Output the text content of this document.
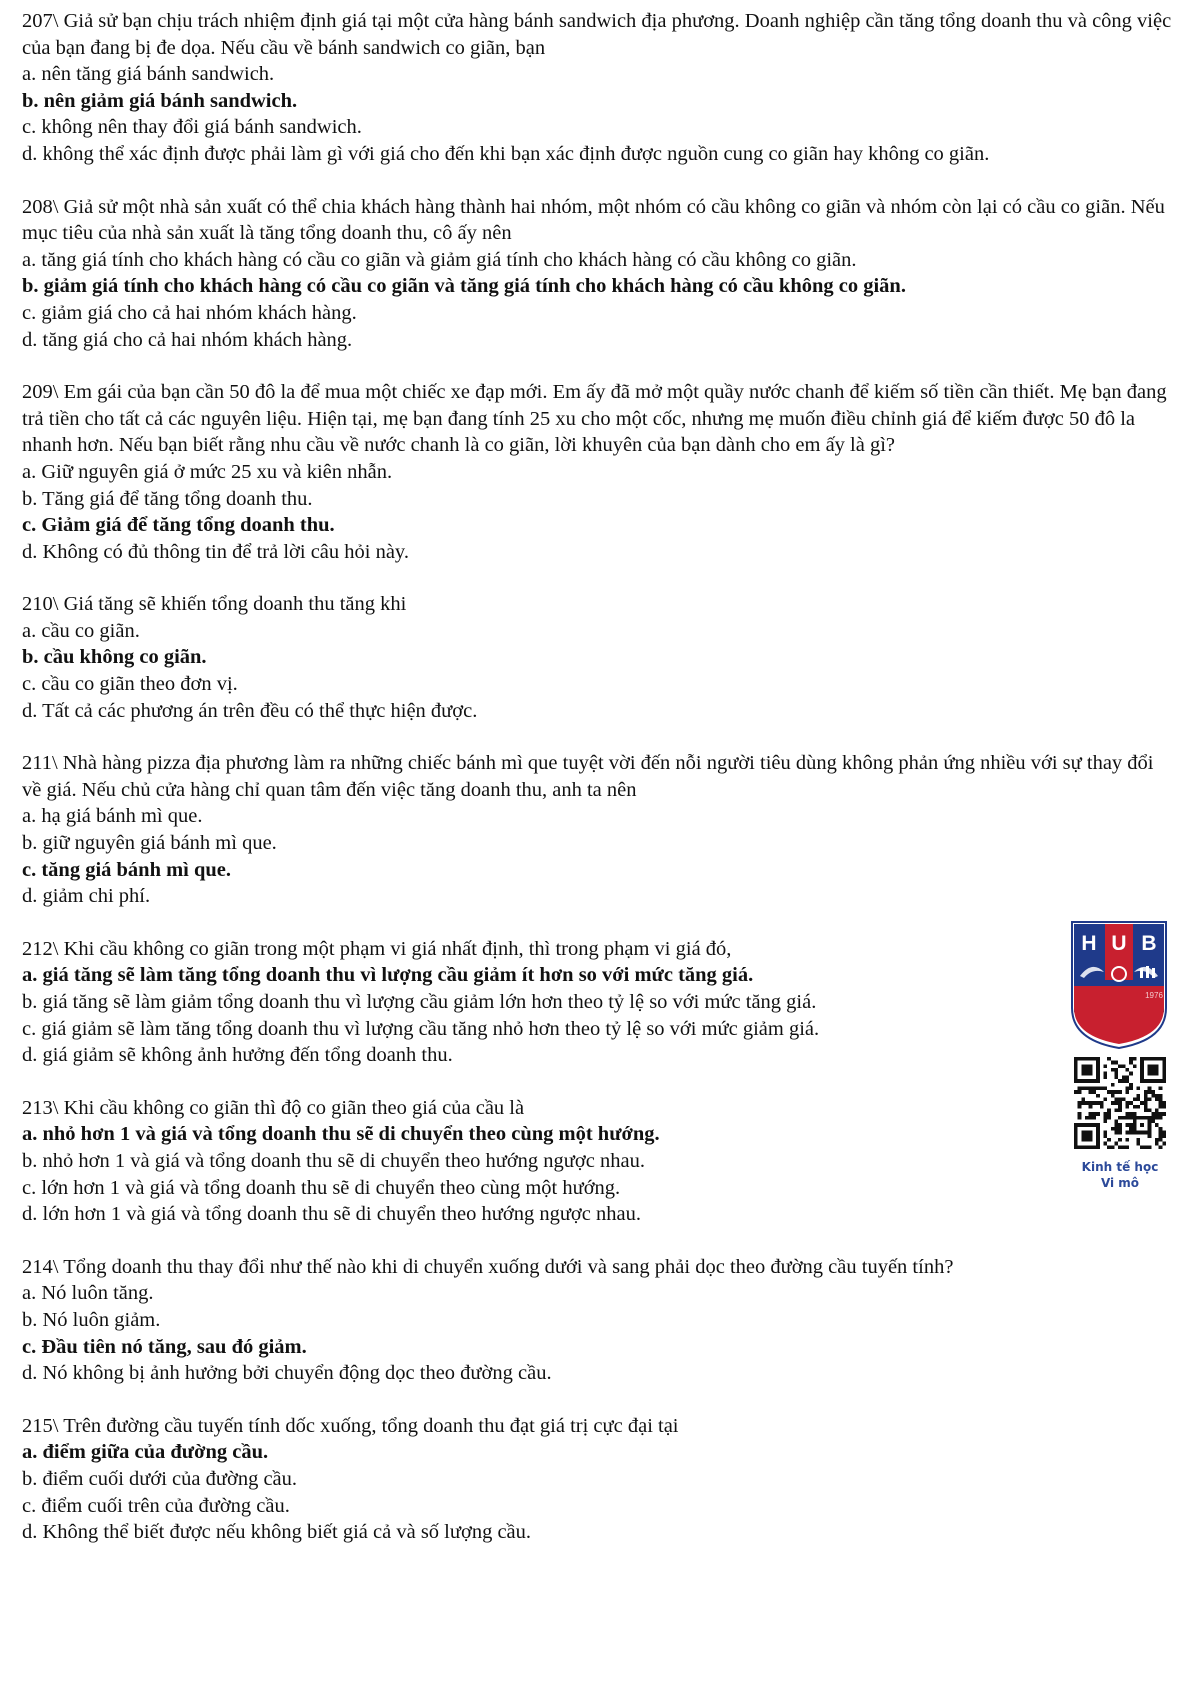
207\ Giả sử bạn chịu trách nhiệm định giá tại một cửa hàng bánh sandwich địa phương. Doanh nghiệp cần tăng tổng doanh thu và công việc của bạn đang bị đe dọa. Nếu cầu về bánh sandwich co giãn, bạn

a. nên tăng giá bánh sandwich.

b. nên giảm giá bánh sandwich.

c. không nên thay đổi giá bánh sandwich.

d. không thể xác định được phải làm gì với giá cho đến khi bạn xác định được nguồn cung co giãn hay không co giãn.

208\ Giả sử một nhà sản xuất có thể chia khách hàng thành hai nhóm, một nhóm có cầu không co giãn và nhóm còn lại có cầu co giãn. Nếu mục tiêu của nhà sản xuất là tăng tổng doanh thu, cô ấy nên

a. tăng giá tính cho khách hàng có cầu co giãn và giảm giá tính cho khách hàng có cầu không co giãn.

b. giảm giá tính cho khách hàng có cầu co giãn và tăng giá tính cho khách hàng có cầu không co giãn.

c. giảm giá cho cả hai nhóm khách hàng.

d. tăng giá cho cả hai nhóm khách hàng.

209\ Em gái của bạn cần 50 đô la để mua một chiếc xe đạp mới. Em ấy đã mở một quầy nước chanh để kiếm số tiền cần thiết. Mẹ bạn đang trả tiền cho tất cả các nguyên liệu. Hiện tại, mẹ bạn đang tính 25 xu cho một cốc, nhưng mẹ muốn điều chỉnh giá để kiếm được 50 đô la nhanh hơn. Nếu bạn biết rằng nhu cầu về nước chanh là co giãn, lời khuyên của bạn dành cho em ấy là gì?

a. Giữ nguyên giá ở mức 25 xu và kiên nhẫn.

b. Tăng giá để tăng tổng doanh thu.

c. Giảm giá để tăng tổng doanh thu.

d. Không có đủ thông tin để trả lời câu hỏi này.

210\ Giá tăng sẽ khiến tổng doanh thu tăng khi

a. cầu co giãn.

b. cầu không co giãn.

c. cầu co giãn theo đơn vị.

d. Tất cả các phương án trên đều có thể thực hiện được.

211\ Nhà hàng pizza địa phương làm ra những chiếc bánh mì que tuyệt vời đến nỗi người tiêu dùng không phản ứng nhiều với sự thay đổi về giá. Nếu chủ cửa hàng chỉ quan tâm đến việc tăng doanh thu, anh ta nên

a. hạ giá bánh mì que.

b. giữ nguyên giá bánh mì que.

c. tăng giá bánh mì que.

d. giảm chi phí.

212\ Khi cầu không co giãn trong một phạm vi giá nhất định, thì trong phạm vi giá đó,

a. giá tăng sẽ làm tăng tổng doanh thu vì lượng cầu giảm ít hơn so với mức tăng giá.

b. giá tăng sẽ làm giảm tổng doanh thu vì lượng cầu giảm lớn hơn theo tỷ lệ so với mức tăng giá.

c. giá giảm sẽ làm tăng tổng doanh thu vì lượng cầu tăng nhỏ hơn theo tỷ lệ so với mức giảm giá.

d. giá giảm sẽ không ảnh hưởng đến tổng doanh thu.

213\ Khi cầu không co giãn thì độ co giãn theo giá của cầu là

a. nhỏ hơn 1 và giá và tổng doanh thu sẽ di chuyển theo cùng một hướng.

b. nhỏ hơn 1 và giá và tổng doanh thu sẽ di chuyển theo hướng ngược nhau.

c. lớn hơn 1 và giá và tổng doanh thu sẽ di chuyển theo cùng một hướng.

d. lớn hơn 1 và giá và tổng doanh thu sẽ di chuyển theo hướng ngược nhau.

214\ Tổng doanh thu thay đổi như thế nào khi di chuyển xuống dưới và sang phải dọc theo đường cầu tuyến tính?

a. Nó luôn tăng.

b. Nó luôn giảm.

c. Đầu tiên nó tăng, sau đó giảm.

d. Nó không bị ảnh hưởng bởi chuyển động dọc theo đường cầu.

215\ Trên đường cầu tuyến tính dốc xuống, tổng doanh thu đạt giá trị cực đại tại

a. điểm giữa của đường cầu.

b. điểm cuối dưới của đường cầu.

c. điểm cuối trên của đường cầu.

d. Không thể biết được nếu không biết giá cả và số lượng cầu.

H U B
1976
Kinh tế học
Vi mô
